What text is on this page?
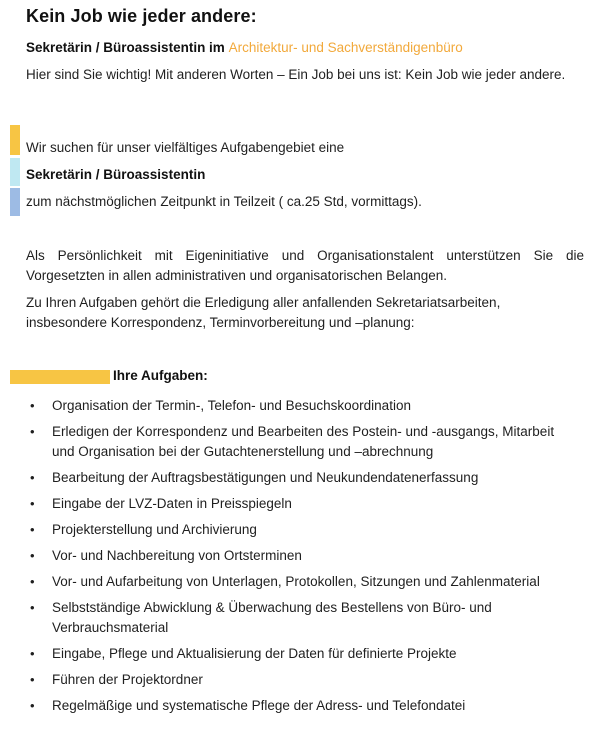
Kein Job wie jeder andere:
Sekretärin / Büroassistentin im Architektur- und Sachverständigenbüro
Hier sind Sie wichtig! Mit anderen Worten – Ein Job bei uns ist: Kein Job wie jeder andere.
Wir suchen für unser vielfältiges Aufgabengebiet eine
Sekretärin / Büroassistentin
zum nächstmöglichen Zeitpunkt in Teilzeit ( ca.25 Std, vormittags).
Als Persönlichkeit mit Eigeninitiative und Organisationstalent unterstützen Sie die Vorgesetzten in allen administrativen und organisatorischen Belangen.
Zu Ihren Aufgaben gehört die Erledigung aller anfallenden Sekretariatsarbeiten, insbesondere Korrespondenz, Terminvorbereitung und –planung:
Ihre Aufgaben:
• Organisation der Termin-, Telefon- und Besuchskoordination
• Erledigen der Korrespondenz und Bearbeiten des Postein- und -ausgangs, Mitarbeit und Organisation bei der Gutachtenerstellung und –abrechnung
• Bearbeitung der Auftragsbestätigungen und Neukundendatenerfassung
• Eingabe der LVZ-Daten in Preisspiegeln
• Projekterstellung und Archivierung
• Vor- und Nachbereitung von Ortsterminen
• Vor- und Aufarbeitung von Unterlagen, Protokollen, Sitzungen und Zahlenmaterial
• Selbstständige Abwicklung & Überwachung des Bestellens von Büro- und Verbrauchsmaterial
• Eingabe, Pflege und Aktualisierung der Daten für definierte Projekte
• Führen der Projektordner
• Regelmäßige und systematische Pflege der Adress- und Telefondatei
